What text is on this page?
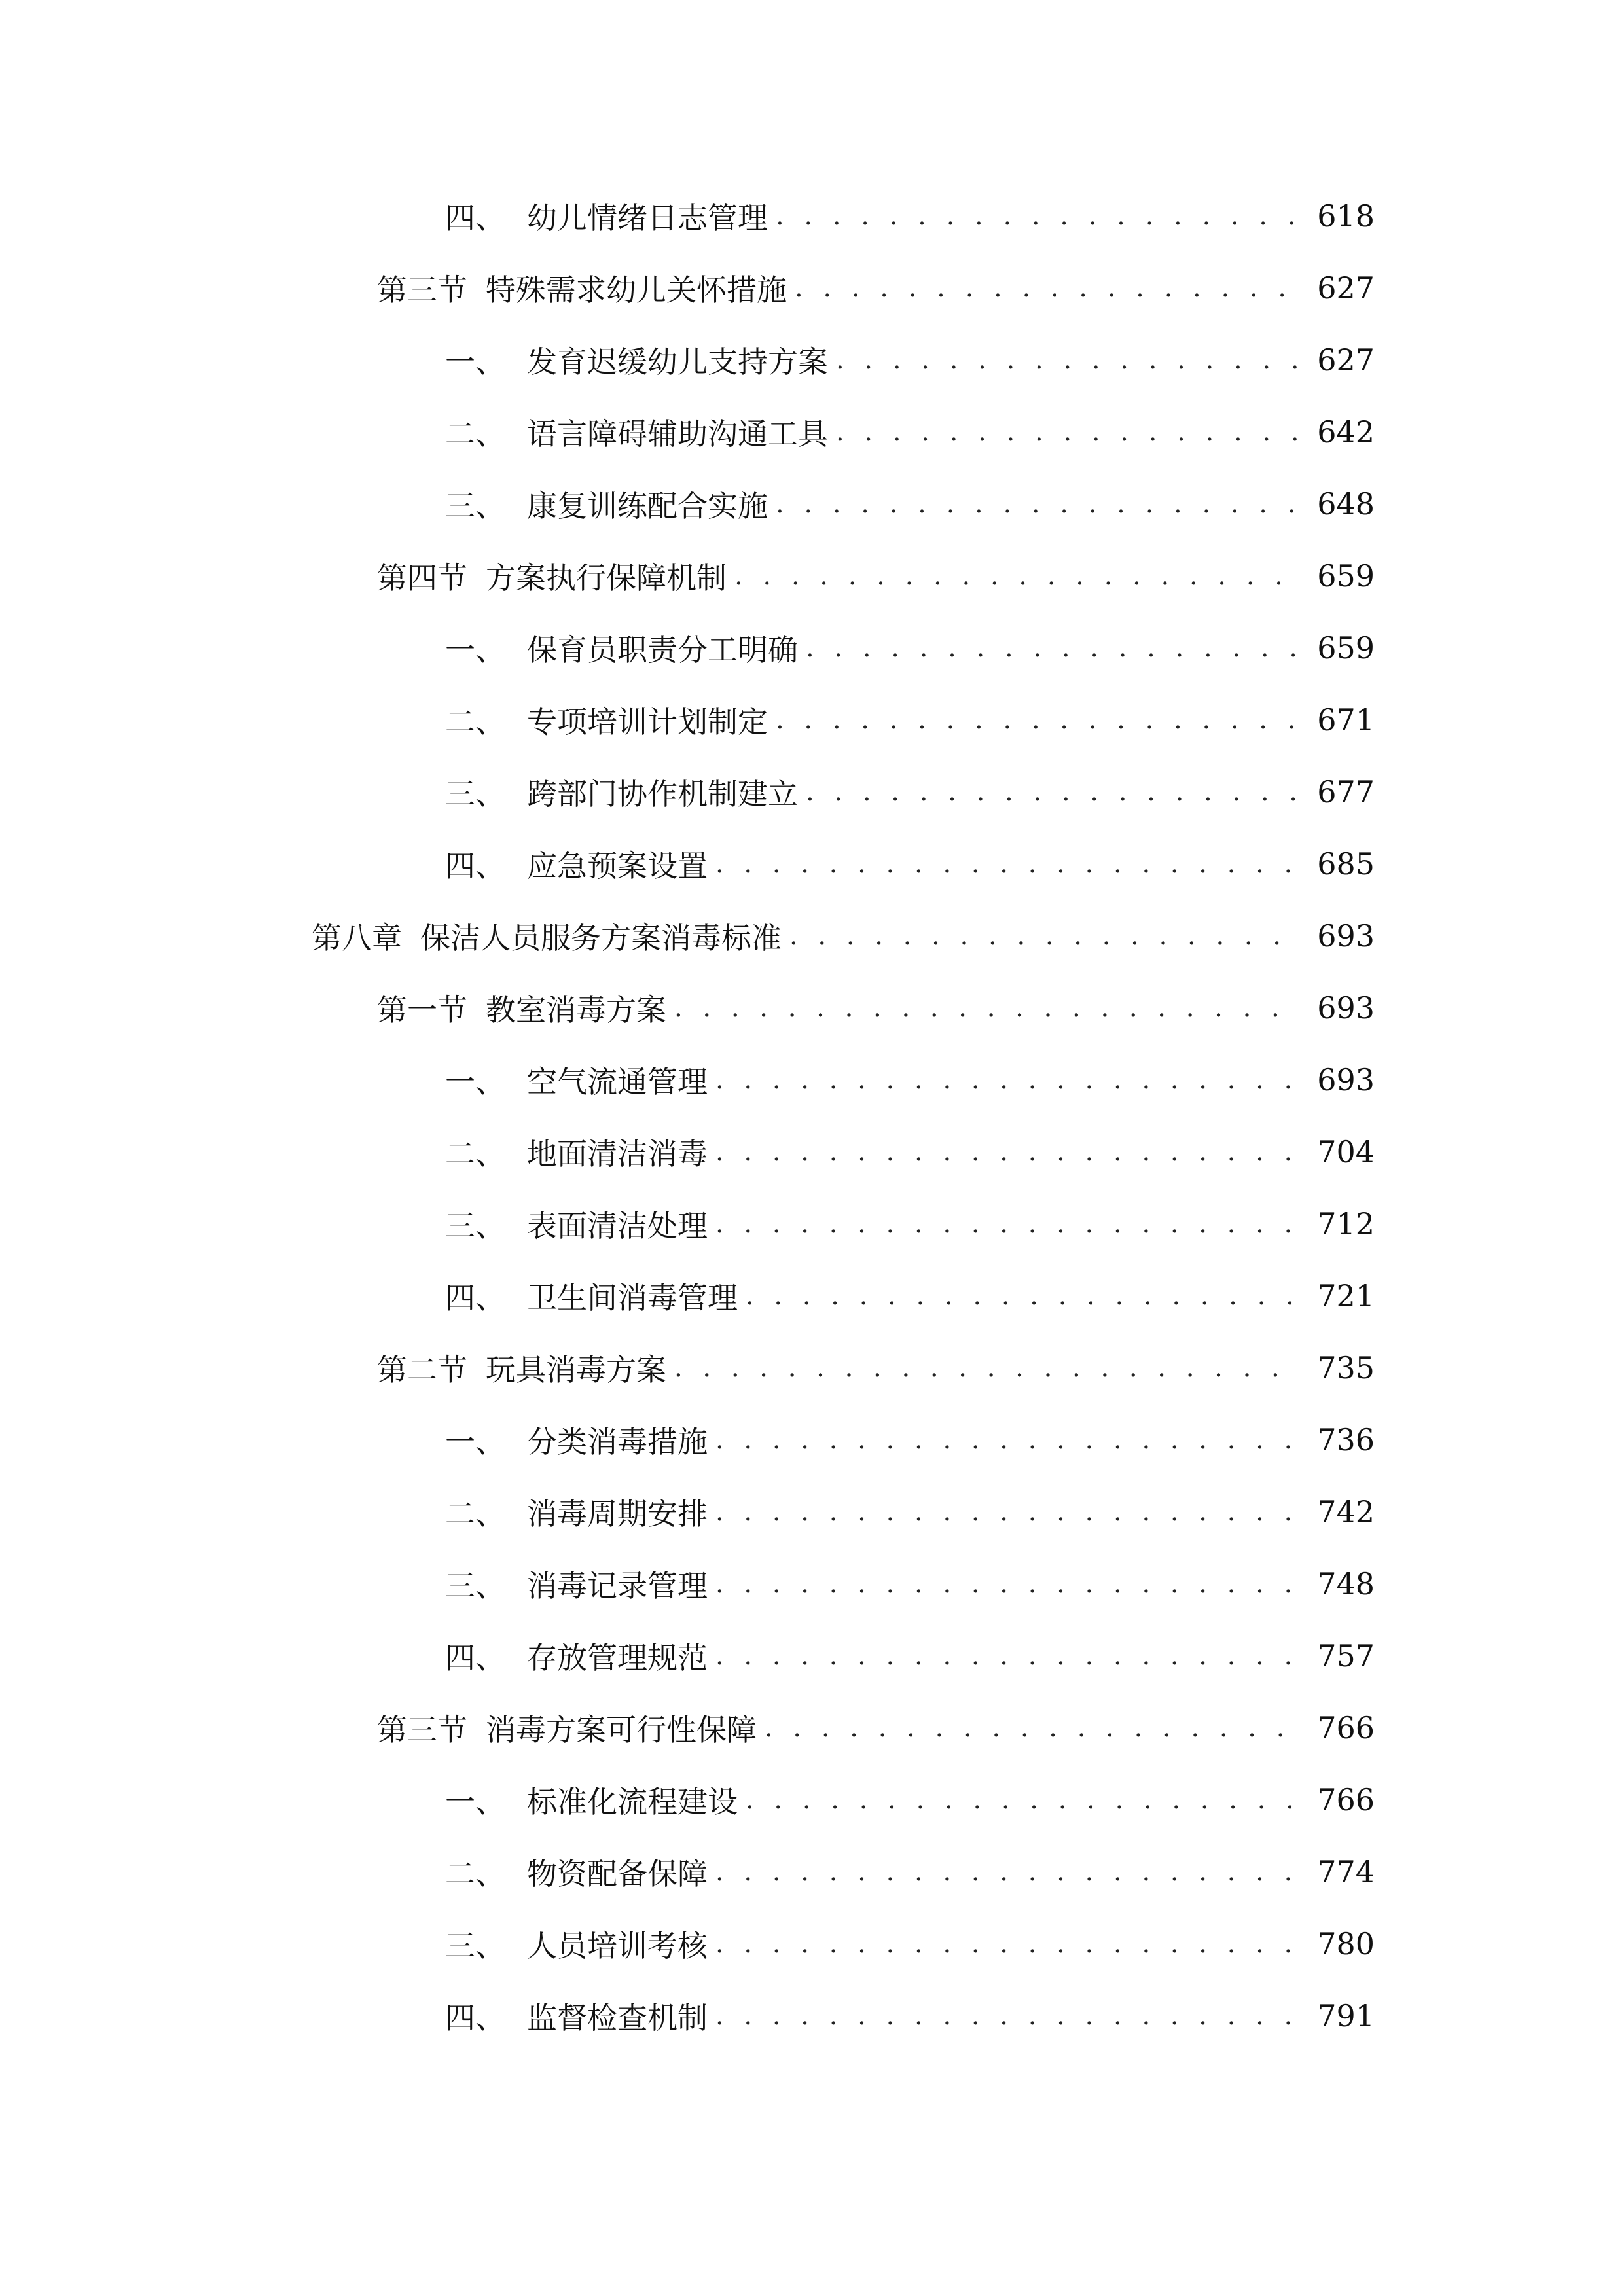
四、 幼儿情绪日志管理 . . .	618
第三节 特殊需求幼儿关怀措施 . . .	627
一、 发育迟缓幼儿支持方案 . . .	627
二、 语言障碍辅助沟通工具 . . .	642
三、 康复训练配合实施 . . .	648
第四节 方案执行保障机制 . . .	659
一、 保育员职责分工明确 . . .	659
二、 专项培训计划制定 . . .	671
三、 跨部门协作机制建立 . . .	677
四、 应急预案设置 . . .	685
第八章 保洁人员服务方案消毒标准 . . .	693
第一节 教室消毒方案 . . .	693
一、 空气流通管理 . . .	693
二、 地面清洁消毒 . . .	704
三、 表面清洁处理 . . .	712
四、 卫生间消毒管理 . . .	721
第二节 玩具消毒方案 . . .	735
一、 分类消毒措施 . . .	736
二、 消毒周期安排 . . .	742
三、 消毒记录管理 . . .	748
四、 存放管理规范 . . .	757
第三节 消毒方案可行性保障 . . .	766
一、 标准化流程建设 . . .	766
二、 物资配备保障 . . .	774
三、 人员培训考核 . . .	780
四、 监督检查机制 . . .	791
